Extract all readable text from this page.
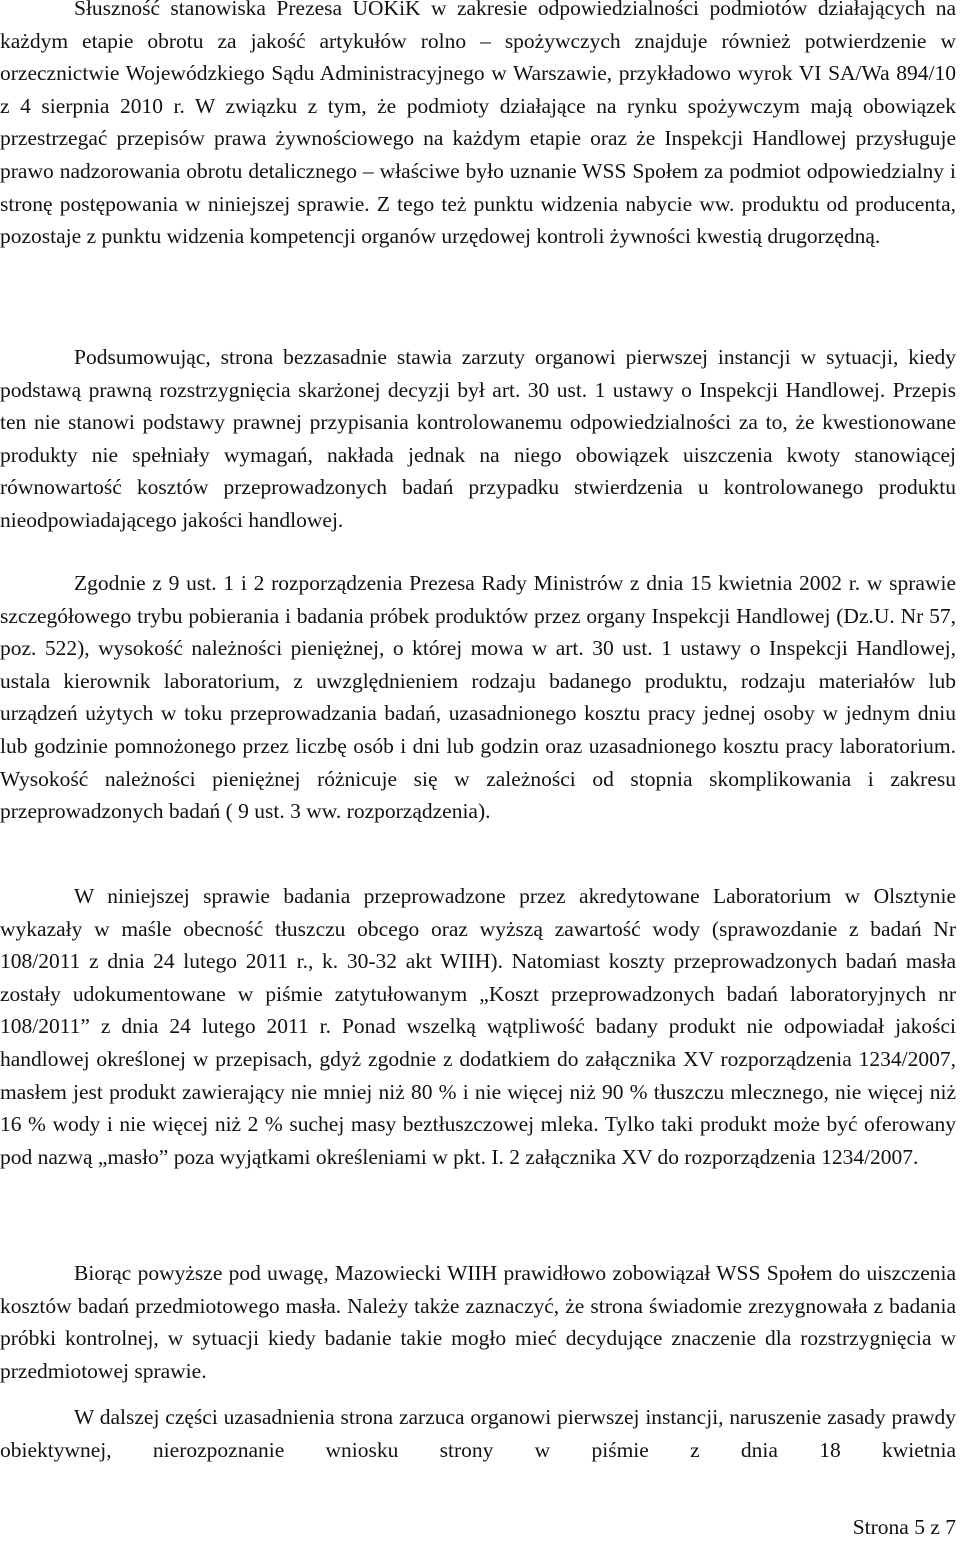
Słuszność stanowiska Prezesa UOKiK w zakresie odpowiedzialności podmiotów działających na każdym etapie obrotu za jakość artykułów rolno – spożywczych znajduje również potwierdzenie w orzecznictwie Wojewódzkiego Sądu Administracyjnego w Warszawie, przykładowo wyrok VI SA/Wa 894/10 z 4 sierpnia 2010 r. W związku z tym, że podmioty działające na rynku spożywczym mają obowiązek przestrzegać przepisów prawa żywnościowego na każdym etapie oraz że Inspekcji Handlowej przysługuje prawo nadzorowania obrotu detalicznego – właściwe było uznanie WSS Społem za podmiot odpowiedzialny i stronę postępowania w niniejszej sprawie. Z tego też punktu widzenia nabycie ww. produktu od producenta, pozostaje z punktu widzenia kompetencji organów urzędowej kontroli żywności kwestią drugorzędną.

Podsumowując, strona bezzasadnie stawia zarzuty organowi pierwszej instancji w sytuacji, kiedy podstawą prawną rozstrzygnięcia skarżonej decyzji był art. 30 ust. 1 ustawy o Inspekcji Handlowej. Przepis ten nie stanowi podstawy prawnej przypisania kontrolowanemu odpowiedzialności za to, że kwestionowane produkty nie spełniały wymagań, nakłada jednak na niego obowiązek uiszczenia kwoty stanowiącej równowartość kosztów przeprowadzonych badań przypadku stwierdzenia u kontrolowanego produktu nieodpowiadającego jakości handlowej.

Zgodnie z 9 ust. 1 i 2 rozporządzenia Prezesa Rady Ministrów z dnia 15 kwietnia 2002 r. w sprawie szczegółowego trybu pobierania i badania próbek produktów przez organy Inspekcji Handlowej (Dz.U. Nr 57, poz. 522), wysokość należności pieniężnej, o której mowa w art. 30 ust. 1 ustawy o Inspekcji Handlowej, ustala kierownik laboratorium, z uwzględnieniem rodzaju badanego produktu, rodzaju materiałów lub urządzeń użytych w toku przeprowadzania badań, uzasadnionego kosztu pracy jednej osoby w jednym dniu lub godzinie pomnożonego przez liczbę osób i dni lub godzin oraz uzasadnionego kosztu pracy laboratorium. Wysokość należności pieniężnej różnicuje się w zależności od stopnia skomplikowania i zakresu przeprowadzonych badań ( 9 ust. 3 ww. rozporządzenia).

W niniejszej sprawie badania przeprowadzone przez akredytowane Laboratorium w Olsztynie wykazały w maśle obecność tłuszczu obcego oraz wyższą zawartość wody (sprawozdanie z badań Nr 108/2011 z dnia 24 lutego 2011 r., k. 30-32 akt WIIH). Natomiast koszty przeprowadzonych badań masła zostały udokumentowane w piśmie zatytułowanym „Koszt przeprowadzonych badań laboratoryjnych nr 108/2011” z dnia 24 lutego 2011 r. Ponad wszelką wątpliwość badany produkt nie odpowiadał jakości handlowej określonej w przepisach, gdyż zgodnie z dodatkiem do załącznika XV rozporządzenia 1234/2007, masłem jest produkt zawierający nie mniej niż 80 % i nie więcej niż 90 % tłuszczu mlecznego, nie więcej niż 16 % wody i nie więcej niż 2 % suchej masy beztłuszczowej mleka. Tylko taki produkt może być oferowany pod nazwą „masło” poza wyjątkami określeniami w pkt. I. 2 załącznika XV do rozporządzenia 1234/2007.

Biorąc powyższe pod uwagę, Mazowiecki WIIH prawidłowo zobowiązał WSS Społem do uiszczenia kosztów badań przedmiotowego masła. Należy także zaznaczyć, że strona świadomie zrezygnowała z badania próbki kontrolnej, w sytuacji kiedy badanie takie mogło mieć decydujące znaczenie dla rozstrzygnięcia w przedmiotowej sprawie.

W dalszej części uzasadnienia strona zarzuca organowi pierwszej instancji, naruszenie zasady prawdy obiektywnej, nierozpoznanie wniosku strony w piśmie z dnia 18 kwietnia

Strona 5 z 7
